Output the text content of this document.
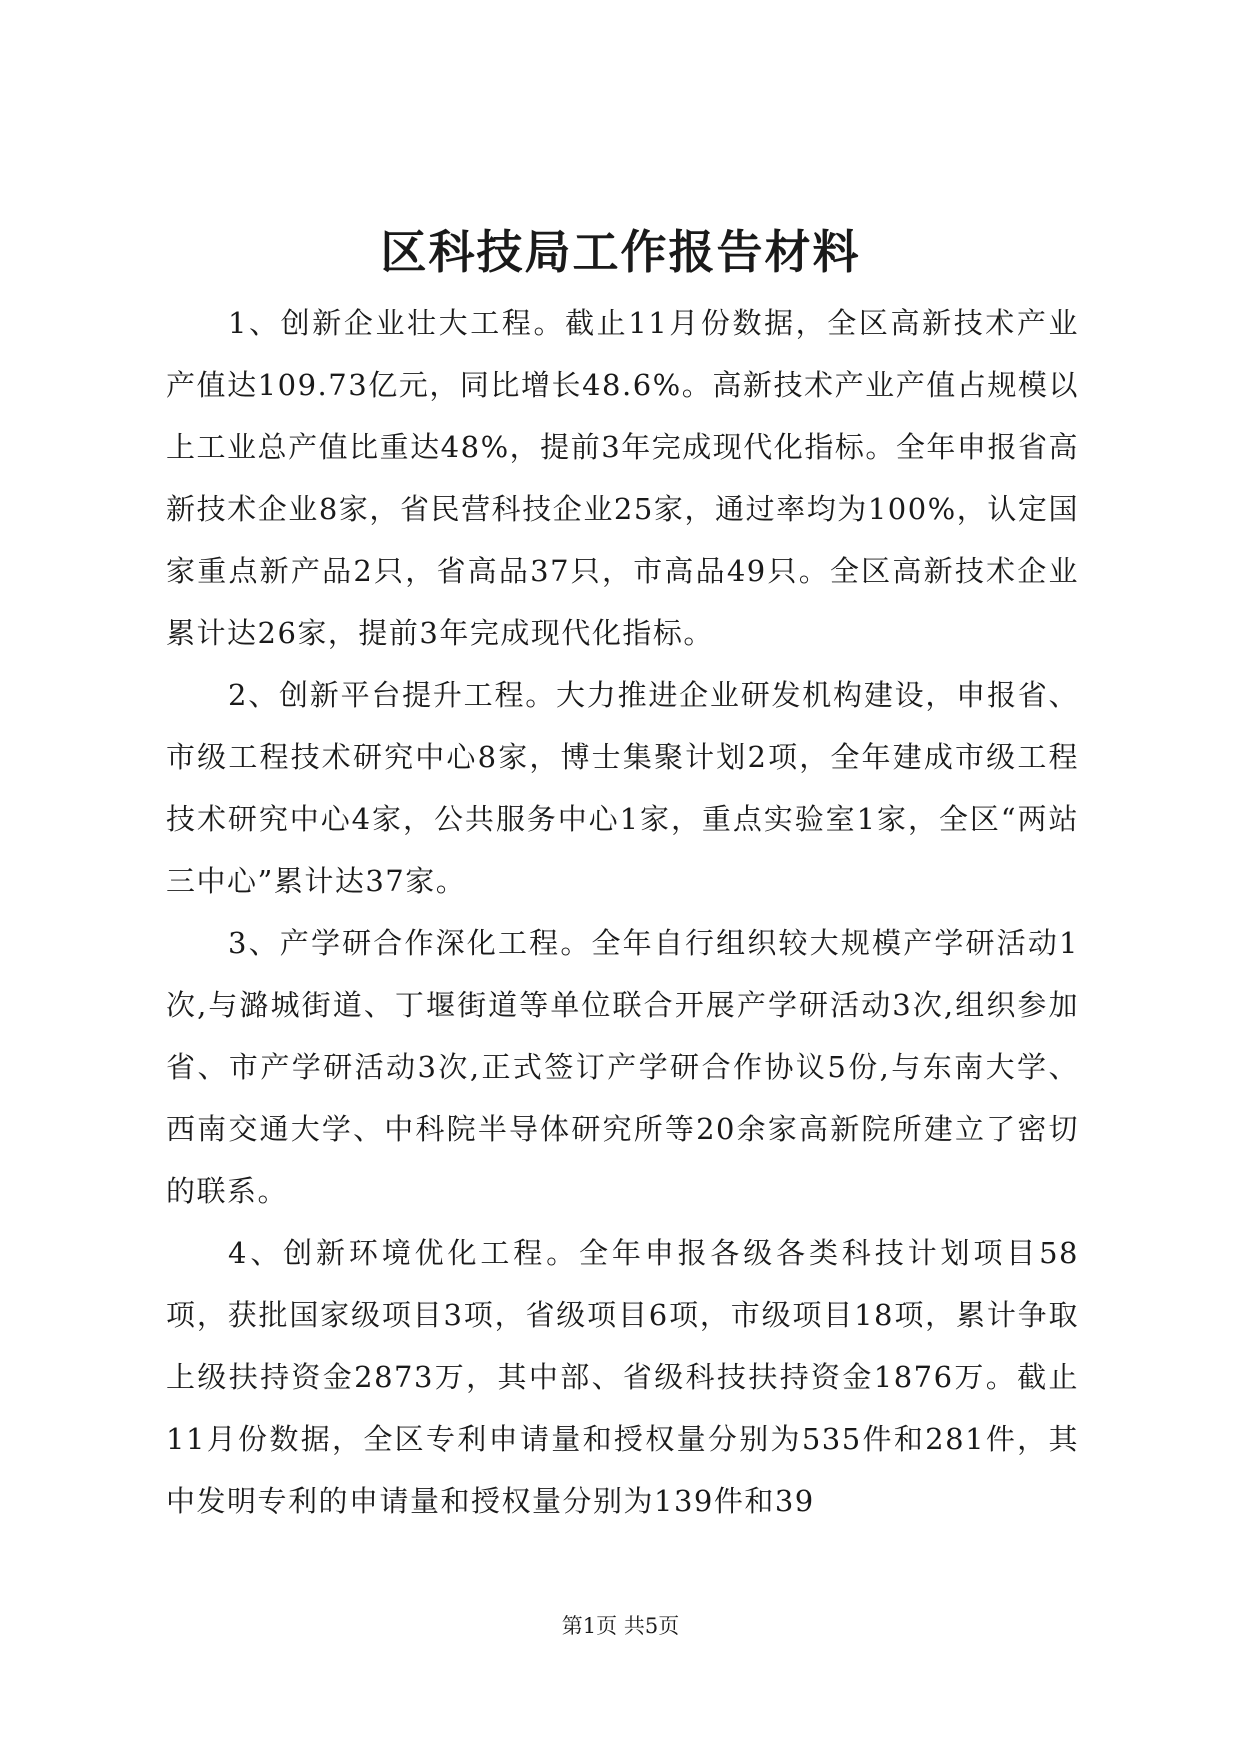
区科技局工作报告材料

1、创新企业壮大工程。截止11月份数据，全区高新技术产业产值达109.73亿元，同比增长48.6%。高新技术产业产值占规模以上工业总产值比重达48%，提前3年完成现代化指标。全年申报省高新技术企业8家，省民营科技企业25家，通过率均为100%，认定国家重点新产品2只，省高品37只，市高品49只。全区高新技术企业累计达26家，提前3年完成现代化指标。

2、创新平台提升工程。大力推进企业研发机构建设，申报省、市级工程技术研究中心8家，博士集聚计划2项，全年建成市级工程技术研究中心4家，公共服务中心1家，重点实验室1家，全区“两站三中心”累计达37家。

3、产学研合作深化工程。全年自行组织较大规模产学研活动1次,与潞城街道、丁堰街道等单位联合开展产学研活动3次,组织参加省、市产学研活动3次,正式签订产学研合作协议5份,与东南大学、西南交通大学、中科院半导体研究所等20余家高新院所建立了密切的联系。

4、创新环境优化工程。全年申报各级各类科技计划项目58项，获批国家级项目3项，省级项目6项，市级项目18项，累计争取上级扶持资金2873万，其中部、省级科技扶持资金1876万。截止11月份数据，全区专利申请量和授权量分别为535件和281件，其中发明专利的申请量和授权量分别为139件和39

第1页 共5页
